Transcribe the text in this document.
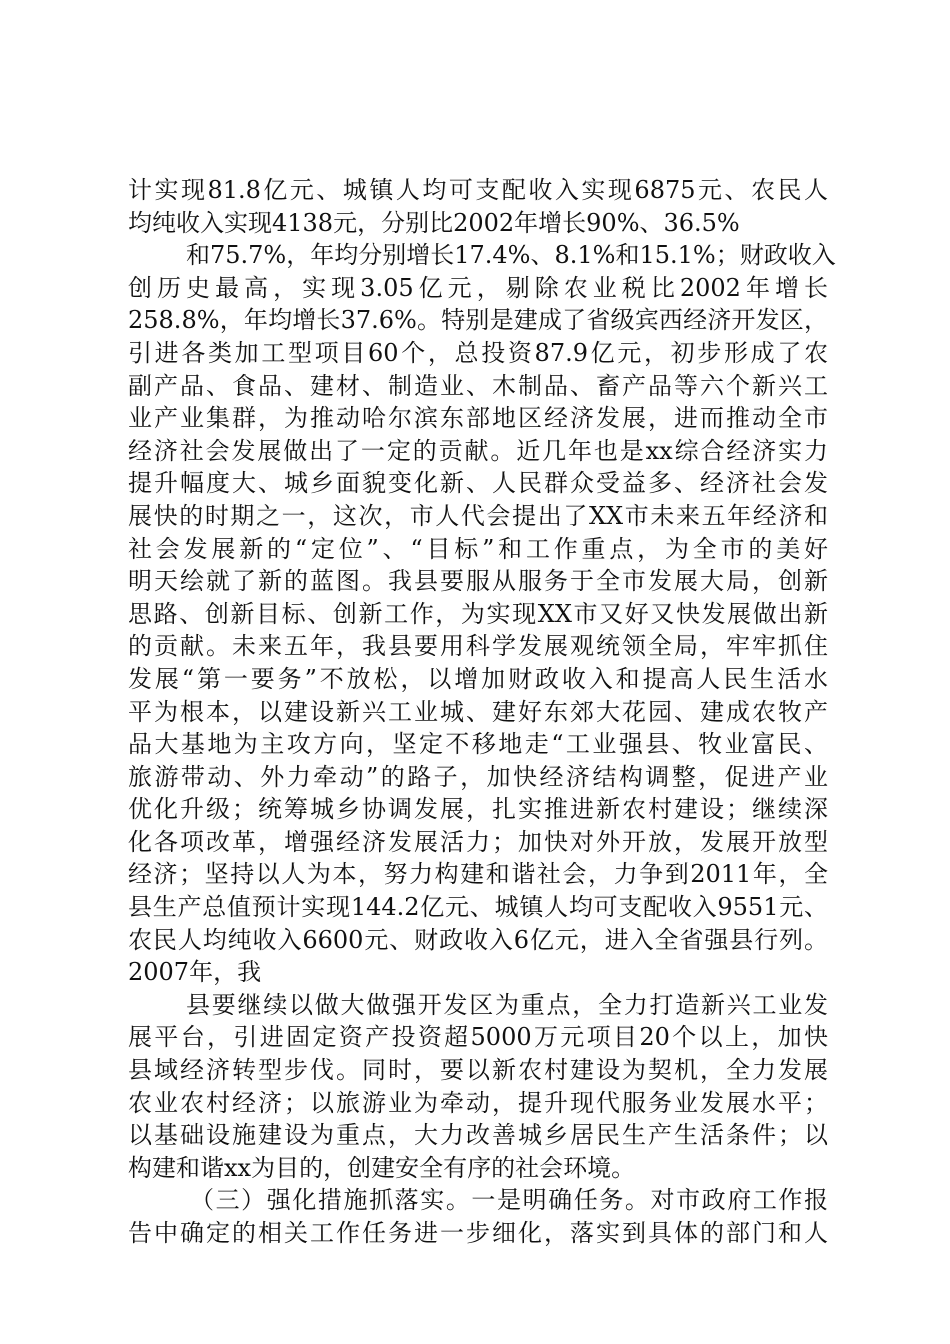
计实现81.8亿元、城镇人均可支配收入实现6875元、农民人
均纯收入实现4138元，分别比2002年增长90%、36.5%
和75.7%，年均分别增长17.4%、8.1%和15.1%；财政收入
创历史最高，实现3.05亿元，剔除农业税比2002年增长
258.8%，年均增长37.6%。特别是建成了省级宾西经济开发区，
引进各类加工型项目60个，总投资87.9亿元，初步形成了农
副产品、食品、建材、制造业、木制品、畜产品等六个新兴工
业产业集群，为推动哈尔滨东部地区经济发展，进而推动全市
经济社会发展做出了一定的贡献。近几年也是xx综合经济实力
提升幅度大、城乡面貌变化新、人民群众受益多、经济社会发
展快的时期之一，这次，市人代会提出了XX市未来五年经济和
社会发展新的“定位”、“目标”和工作重点，为全市的美好
明天绘就了新的蓝图。我县要服从服务于全市发展大局，创新
思路、创新目标、创新工作，为实现XX市又好又快发展做出新
的贡献。未来五年，我县要用科学发展观统领全局，牢牢抓住
发展“第一要务”不放松，以增加财政收入和提高人民生活水
平为根本，以建设新兴工业城、建好东郊大花园、建成农牧产
品大基地为主攻方向，坚定不移地走“工业强县、牧业富民、
旅游带动、外力牵动”的路子，加快经济结构调整，促进产业
优化升级；统筹城乡协调发展，扎实推进新农村建设；继续深
化各项改革，增强经济发展活力；加快对外开放，发展开放型
经济；坚持以人为本，努力构建和谐社会，力争到2011年，全
县生产总值预计实现144.2亿元、城镇人均可支配收入9551元、
农民人均纯收入6600元、财政收入6亿元，进入全省强县行列。
2007年，我
县要继续以做大做强开发区为重点，全力打造新兴工业发
展平台，引进固定资产投资超5000万元项目20个以上，加快
县域经济转型步伐。同时，要以新农村建设为契机，全力发展
农业农村经济；以旅游业为牵动，提升现代服务业发展水平；
以基础设施建设为重点，大力改善城乡居民生产生活条件；以
构建和谐xx为目的，创建安全有序的社会环境。
（三）强化措施抓落实。一是明确任务。对市政府工作报
告中确定的相关工作任务进一步细化，落实到具体的部门和人
